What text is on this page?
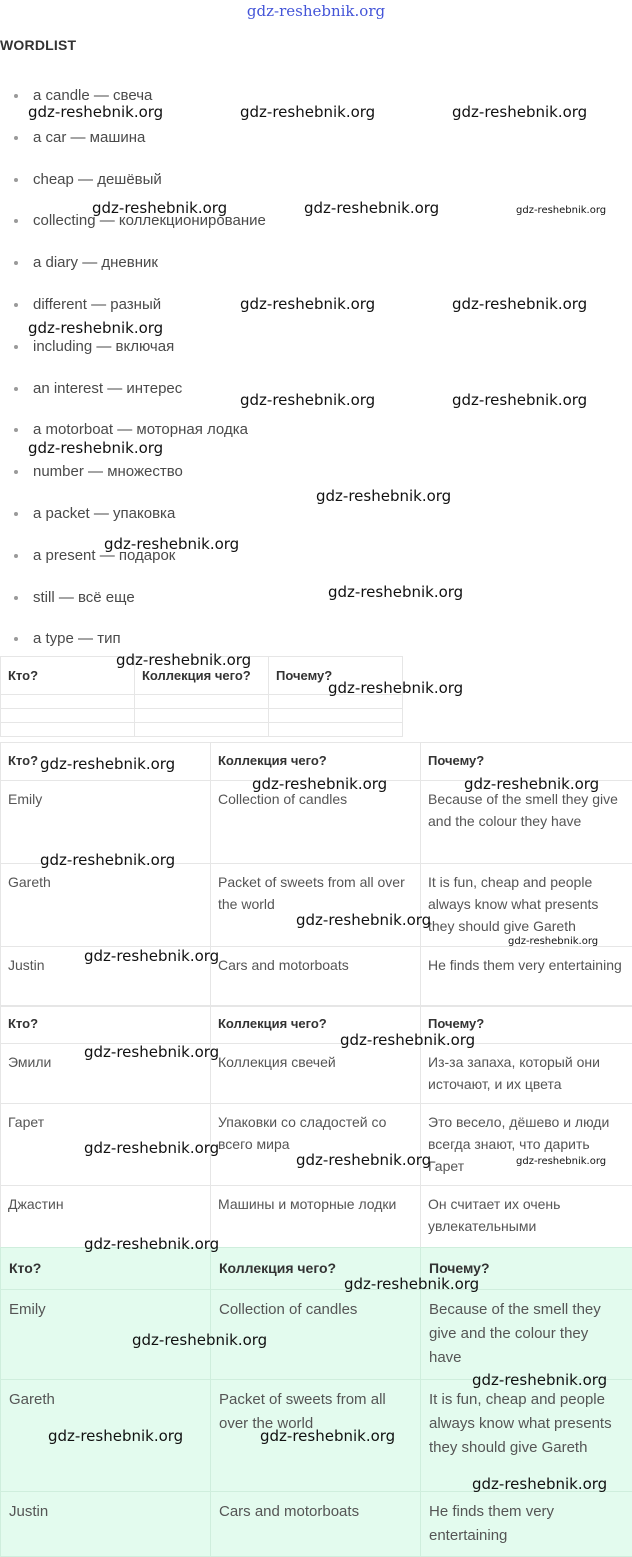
gdz-reshebnik.org
WORDLIST
a candle — свеча
a car — машина
cheap — дешёвый
collecting — коллекционирование
a diary — дневник
different — разный
including — включая
an interest — интерес
a motorboat — моторная лодка
number — множество
a packet — упаковка
a present — подарок
still — всё еще
a type — тип
Кто?	Коллекция чего?	Почему?

Кто?	Коллекция чего?	Почему?
Emily	Collection of candles	Because of the smell they give and the colour they have
Gareth	Packet of sweets from all over the world	It is fun, cheap and people always know what presents they should give Gareth
Justin	Cars and motorboats	He finds them very entertaining
Кто?	Коллекция чего?	Почему?
Эмили	Коллекция свечей	Из-за запаха, который они источают, и их цвета
Гарет	Упаковки со сладостей со всего мира	Это весело, дёшево и люди всегда знают, что дарить Гарет
Джастин	Машины и моторные лодки	Он считает их очень увлекательными
Кто?	Коллекция чего?	Почему?
Emily	Collection of candles	Because of the smell they give and the colour they have
Gareth	Packet of sweets from all over the world	It is fun, cheap and people always know what presents they should give Gareth
Justin	Cars and motorboats	He finds them very entertaining
gdz-reshebnik.org	gdz-reshebnik.org	gdz-reshebnik.org
gdz-reshebnik.org	gdz-reshebnik.org	gdz-reshebnik.org
gdz-reshebnik.org	gdz-reshebnik.org
gdz-reshebnik.org
gdz-reshebnik.org	gdz-reshebnik.org
gdz-reshebnik.org
gdz-reshebnik.org
gdz-reshebnik.org
gdz-reshebnik.org
gdz-reshebnik.org
gdz-reshebnik.org
gdz-reshebnik.org
gdz-reshebnik.org	gdz-reshebnik.org
gdz-reshebnik.org
gdz-reshebnik.org
gdz-reshebnik.org
gdz-reshebnik.org
gdz-reshebnik.org
gdz-reshebnik.org
gdz-reshebnik.org
gdz-reshebnik.org	gdz-reshebnik.org
gdz-reshebnik.org
gdz-reshebnik.org
gdz-reshebnik.org
gdz-reshebnik.org
gdz-reshebnik.org	gdz-reshebnik.org
gdz-reshebnik.org
